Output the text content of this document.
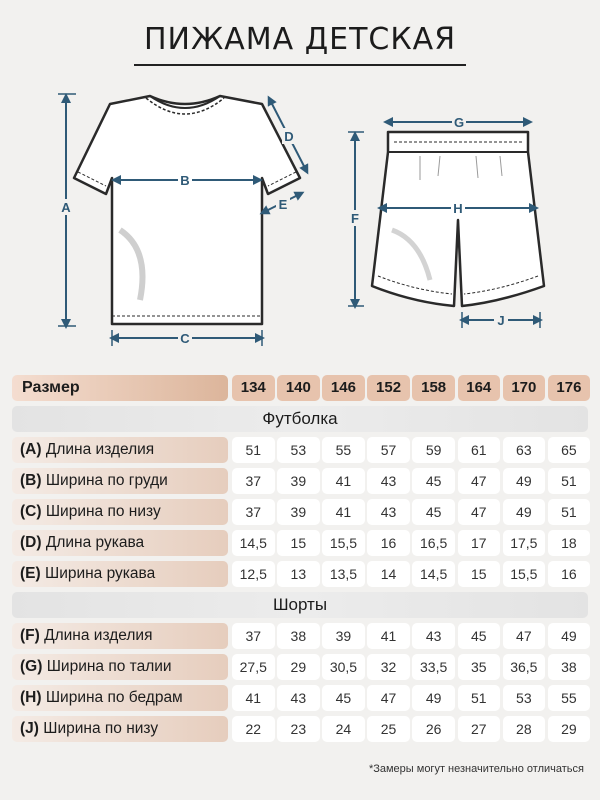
ПИЖАМА ДЕТСКАЯ
A
B
C
D
E
G
F
H
J
Размер	134	140	146	152	158	164	170	176
Футболка
(A) Длина изделия	51	53	55	57	59	61	63	65
(B) Ширина по груди	37	39	41	43	45	47	49	51
(C) Ширина по низу	37	39	41	43	45	47	49	51
(D) Длина рукава	14,5	15	15,5	16	16,5	17	17,5	18
(E) Ширина рукава	12,5	13	13,5	14	14,5	15	15,5	16
Шорты
(F) Длина изделия	37	38	39	41	43	45	47	49
(G) Ширина по талии	27,5	29	30,5	32	33,5	35	36,5	38
(H) Ширина по бедрам	41	43	45	47	49	51	53	55
(J) Ширина по низу	22	23	24	25	26	27	28	29
*Замеры могут незначительно отличаться
